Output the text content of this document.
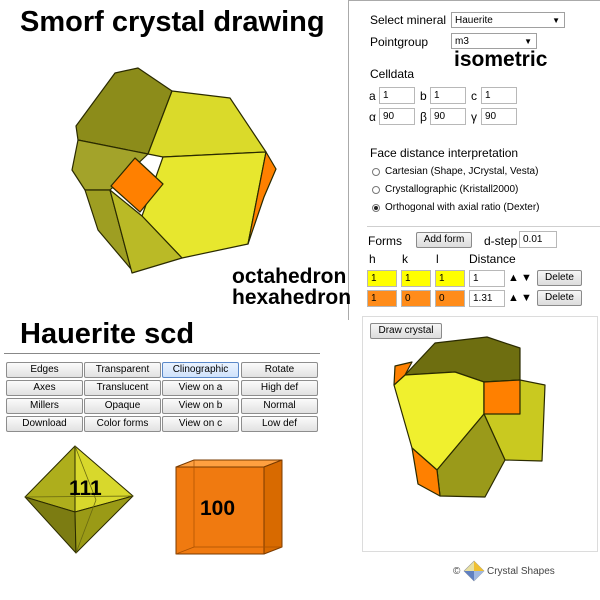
Smorf crystal drawing
Hauerite scd
Select mineral Hauerite	▼
Pointgroup	m3	▼
isometric
Celldata
a 1	b 1	c 1
α 90	β 90	γ 90
Face distance interpretation
Cartesian (Shape, JCrystal, Vesta)
Crystallographic (Kristall2000)
Orthogonal with axial ratio (Dexter)
Forms	Add form	d-step 0.01
h k l	Distance
1	1	1	1	▲ ▼	Delete
1	0	0	1.31	▲ ▼	Delete
octahedron
hexahedron
Draw crystal
Edges	Transparent	Clinographic	Rotate
Axes	Translucent	View on a	High def
Millers	Opaque	View on b	Normal
Download	Color forms	View on c	Low def
111
100
©	Crystal Shapes
